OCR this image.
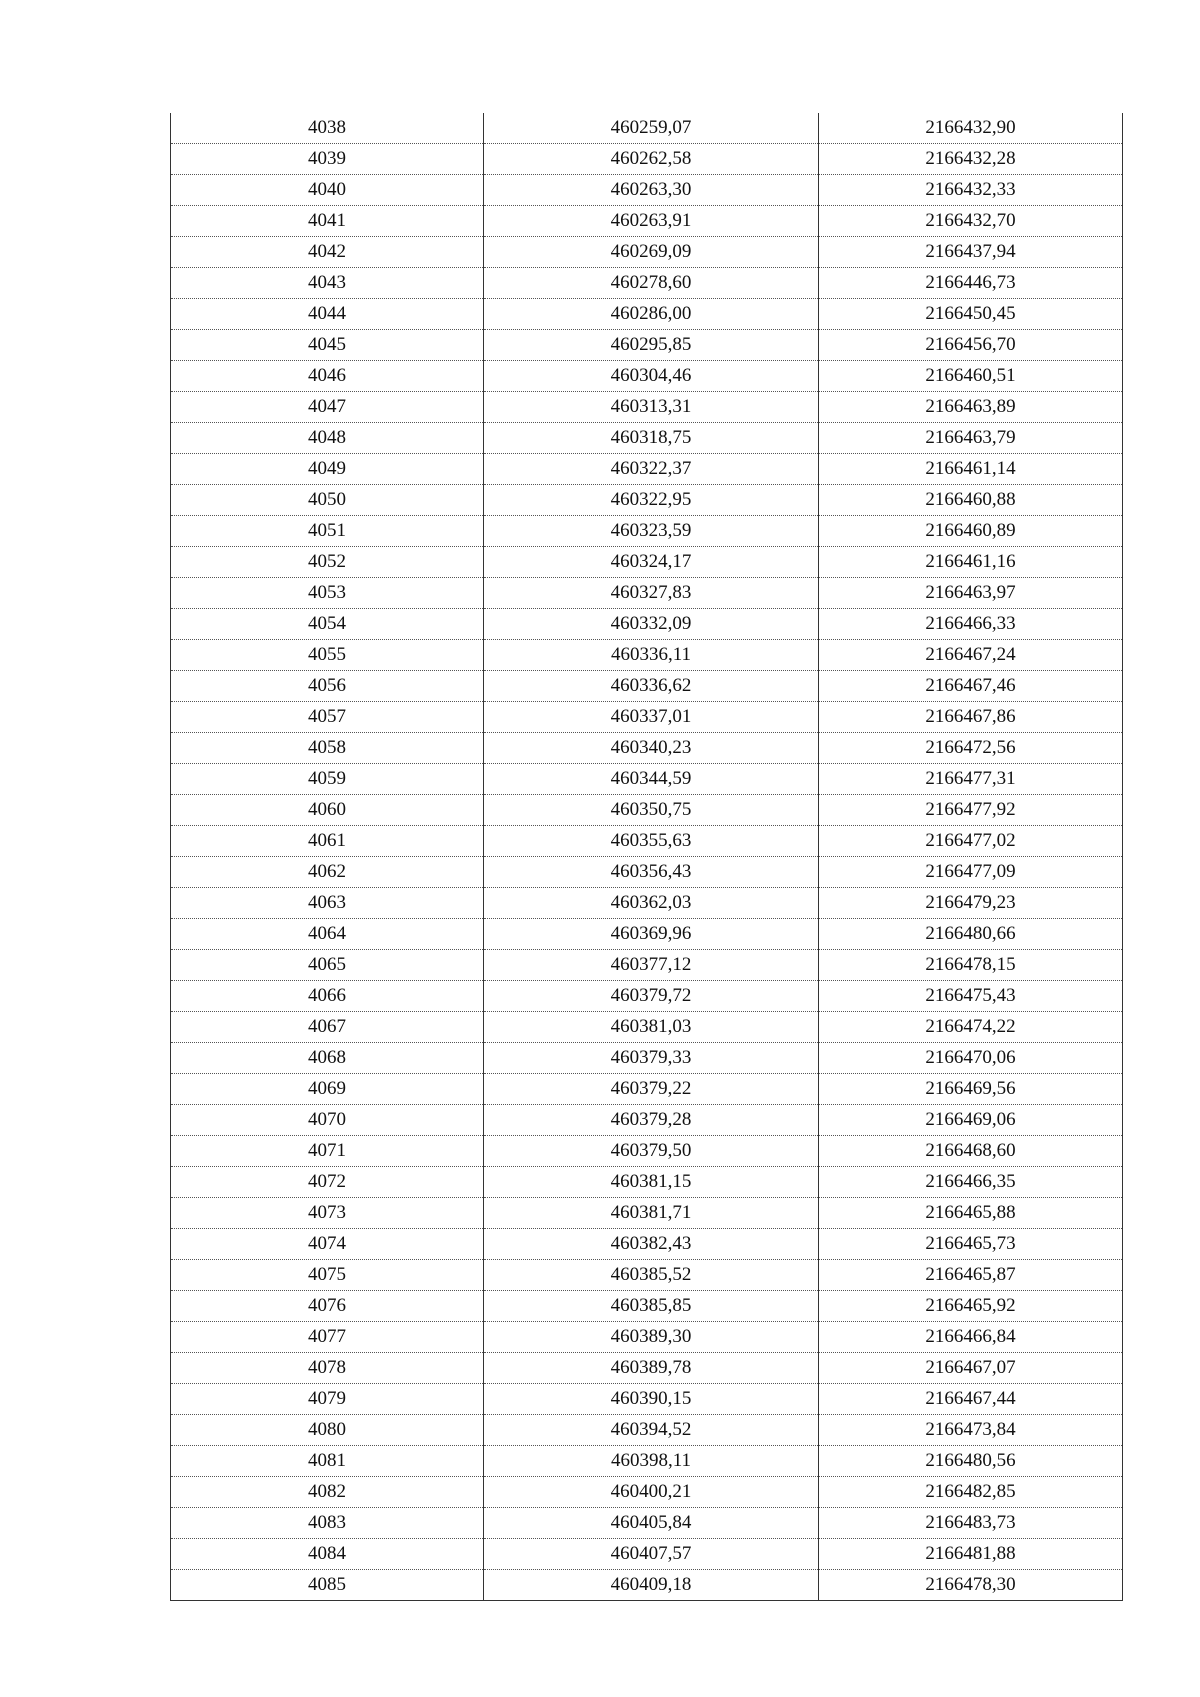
4038	460259,07	2166432,90
4039	460262,58	2166432,28
4040	460263,30	2166432,33
4041	460263,91	2166432,70
4042	460269,09	2166437,94
4043	460278,60	2166446,73
4044	460286,00	2166450,45
4045	460295,85	2166456,70
4046	460304,46	2166460,51
4047	460313,31	2166463,89
4048	460318,75	2166463,79
4049	460322,37	2166461,14
4050	460322,95	2166460,88
4051	460323,59	2166460,89
4052	460324,17	2166461,16
4053	460327,83	2166463,97
4054	460332,09	2166466,33
4055	460336,11	2166467,24
4056	460336,62	2166467,46
4057	460337,01	2166467,86
4058	460340,23	2166472,56
4059	460344,59	2166477,31
4060	460350,75	2166477,92
4061	460355,63	2166477,02
4062	460356,43	2166477,09
4063	460362,03	2166479,23
4064	460369,96	2166480,66
4065	460377,12	2166478,15
4066	460379,72	2166475,43
4067	460381,03	2166474,22
4068	460379,33	2166470,06
4069	460379,22	2166469,56
4070	460379,28	2166469,06
4071	460379,50	2166468,60
4072	460381,15	2166466,35
4073	460381,71	2166465,88
4074	460382,43	2166465,73
4075	460385,52	2166465,87
4076	460385,85	2166465,92
4077	460389,30	2166466,84
4078	460389,78	2166467,07
4079	460390,15	2166467,44
4080	460394,52	2166473,84
4081	460398,11	2166480,56
4082	460400,21	2166482,85
4083	460405,84	2166483,73
4084	460407,57	2166481,88
4085	460409,18	2166478,30
